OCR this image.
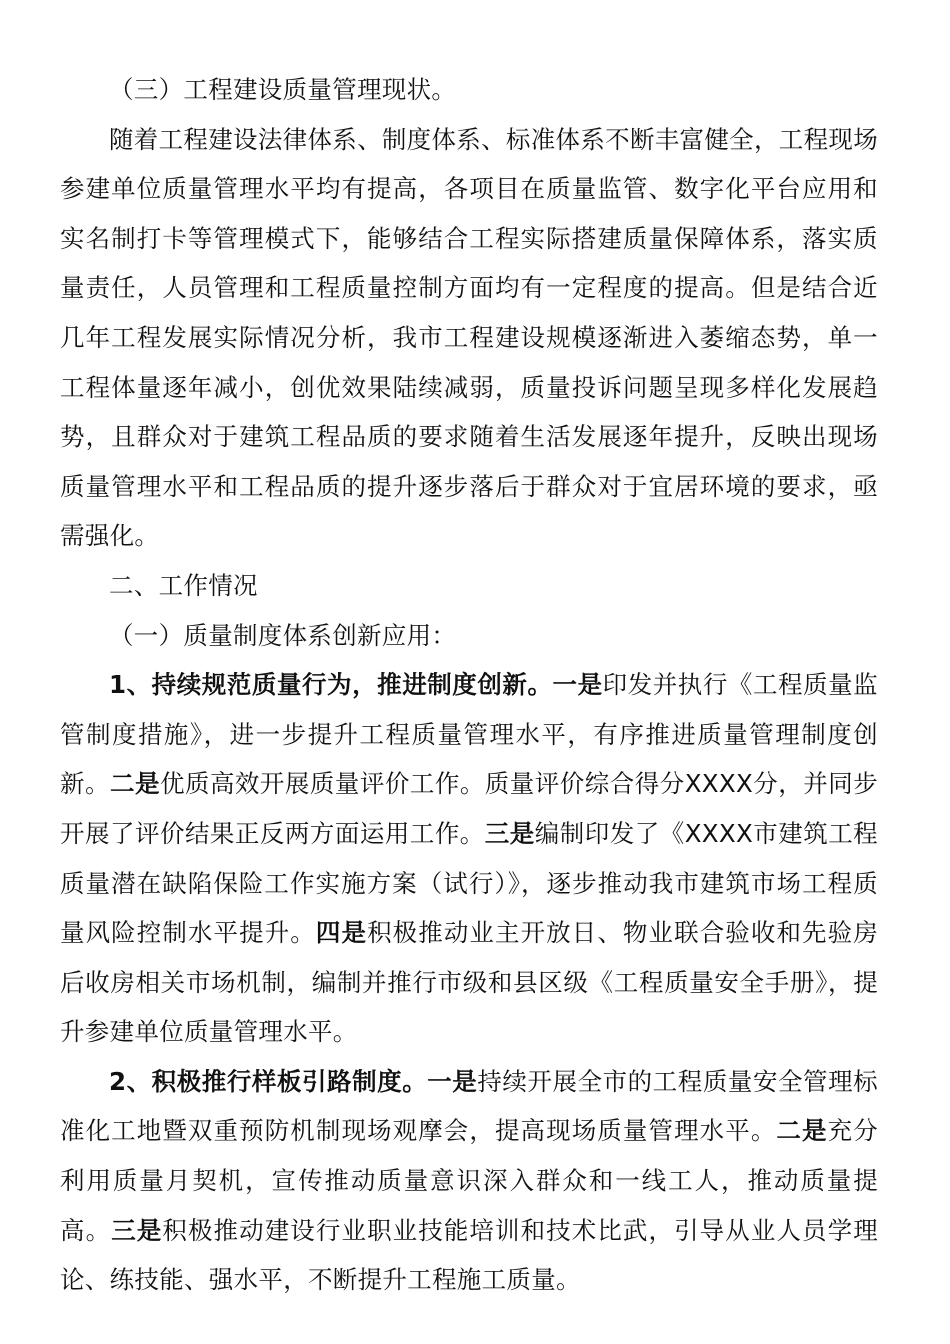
（三）工程建设质量管理现状。

随着工程建设法律体系、制度体系、标准体系不断丰富健全，工程现场参建单位质量管理水平均有提高，各项目在质量监管、数字化平台应用和实名制打卡等管理模式下，能够结合工程实际搭建质量保障体系，落实质量责任，人员管理和工程质量控制方面均有一定程度的提高。但是结合近几年工程发展实际情况分析，我市工程建设规模逐渐进入萎缩态势，单一工程体量逐年减小，创优效果陆续减弱，质量投诉问题呈现多样化发展趋势，且群众对于建筑工程品质的要求随着生活发展逐年提升，反映出现场质量管理水平和工程品质的提升逐步落后于群众对于宜居环境的要求，亟需强化。

二、工作情况

（一）质量制度体系创新应用：

1、持续规范质量行为，推进制度创新。一是印发并执行《工程质量监管制度措施》，进一步提升工程质量管理水平，有序推进质量管理制度创新。二是优质高效开展质量评价工作。质量评价综合得分XXXX分，并同步开展了评价结果正反两方面运用工作。三是编制印发了《XXXX市建筑工程质量潜在缺陷保险工作实施方案（试行）》，逐步推动我市建筑市场工程质量风险控制水平提升。四是积极推动业主开放日、物业联合验收和先验房后收房相关市场机制，编制并推行市级和县区级《工程质量安全手册》，提升参建单位质量管理水平。

2、积极推行样板引路制度。一是持续开展全市的工程质量安全管理标准化工地暨双重预防机制现场观摩会，提高现场质量管理水平。二是充分利用质量月契机，宣传推动质量意识深入群众和一线工人，推动质量提高。三是积极推动建设行业职业技能培训和技术比武，引导从业人员学理论、练技能、强水平，不断提升工程施工质量。
